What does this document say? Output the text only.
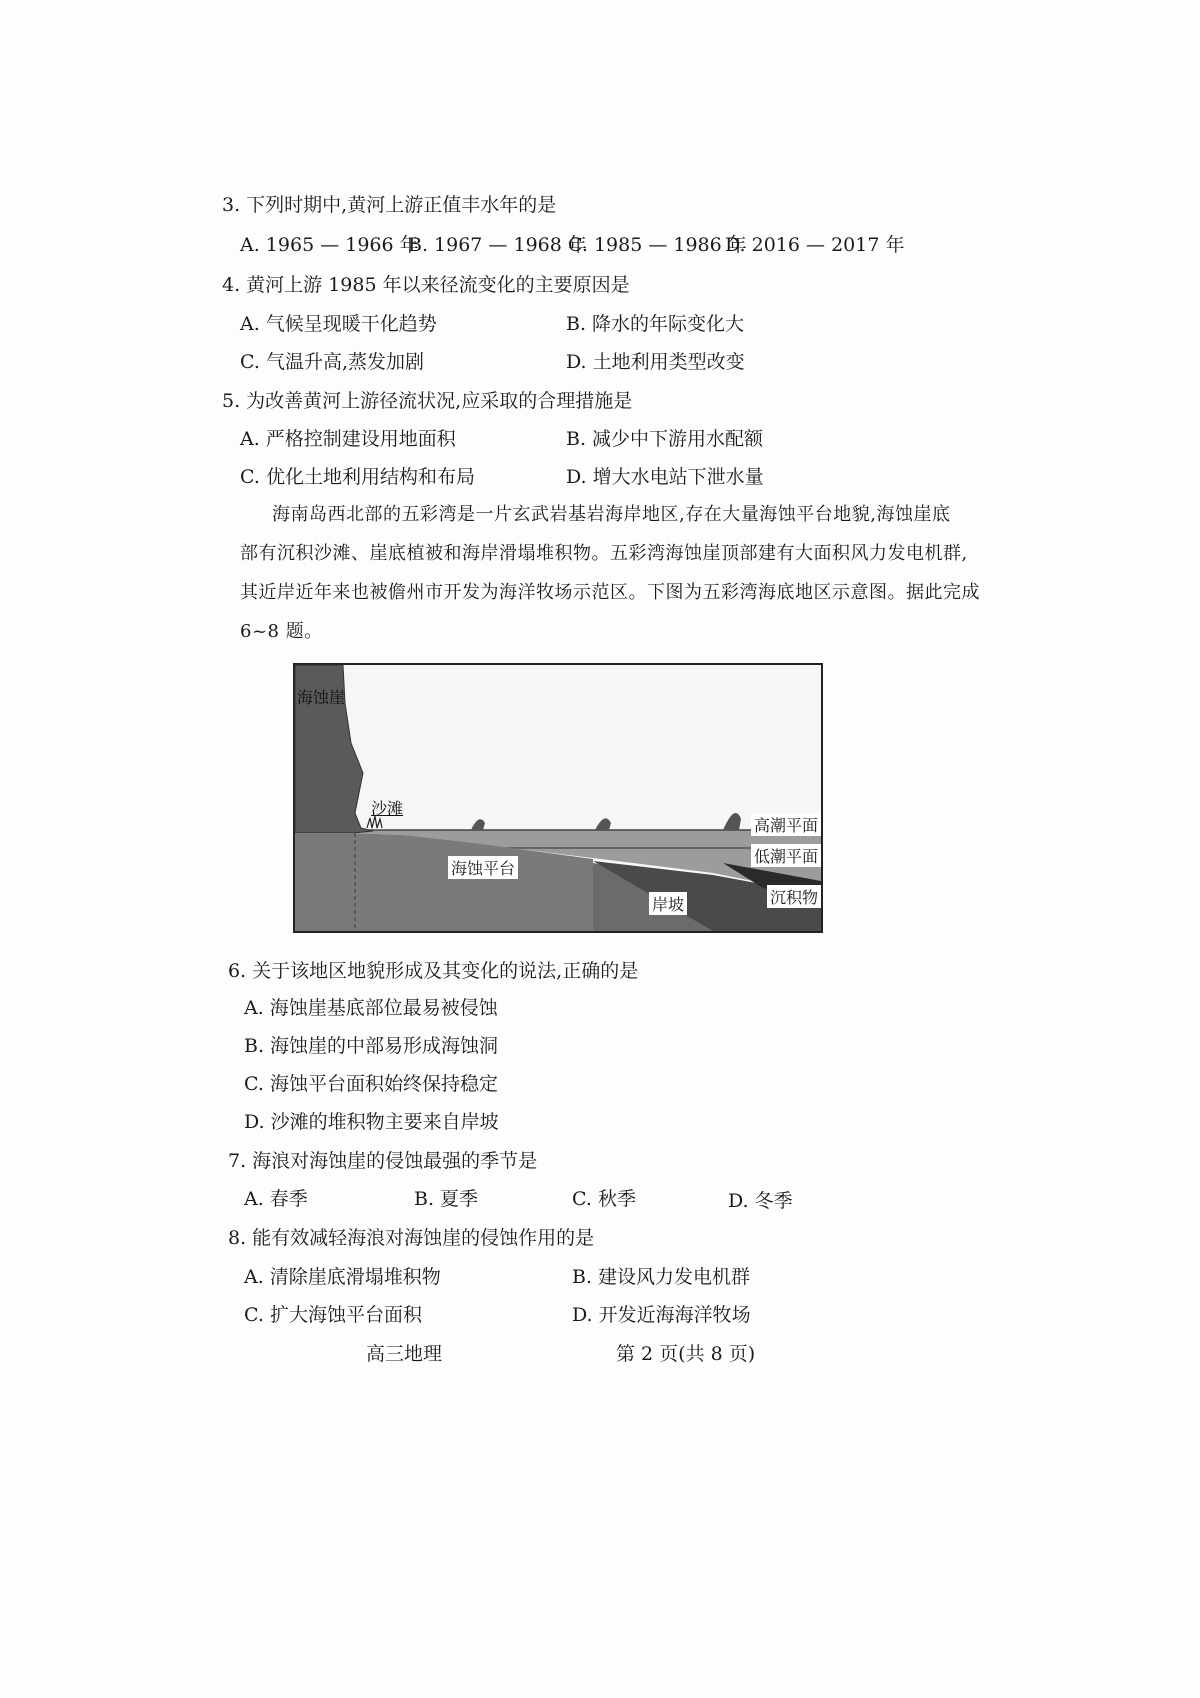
3. 下列时期中,黄河上游正值丰水年的是
A. 1965 — 1966 年
B. 1967 — 1968 年
C. 1985 — 1986 年
D. 2016 — 2017 年
4. 黄河上游 1985 年以来径流变化的主要原因是
A. 气候呈现暖干化趋势	B. 降水的年际变化大
C. 气温升高,蒸发加剧	D. 土地利用类型改变
5. 为改善黄河上游径流状况,应采取的合理措施是
A. 严格控制建设用地面积	B. 减少中下游用水配额
C. 优化土地利用结构和布局	D. 增大水电站下泄水量
海南岛西北部的五彩湾是一片玄武岩基岩海岸地区,存在大量海蚀平台地貌,海蚀崖底
部有沉积沙滩、崖底植被和海岸滑塌堆积物。五彩湾海蚀崖顶部建有大面积风力发电机群,
其近岸近年来也被儋州市开发为海洋牧场示范区。下图为五彩湾海底地区示意图。据此完成
6~8 题。
海蚀崖
沙滩
高潮平面
低潮平面
海蚀平台
沉积物
岸坡
6. 关于该地区地貌形成及其变化的说法,正确的是
A. 海蚀崖基底部位最易被侵蚀
B. 海蚀崖的中部易形成海蚀洞
C. 海蚀平台面积始终保持稳定
D. 沙滩的堆积物主要来自岸坡
7. 海浪对海蚀崖的侵蚀最强的季节是
A. 春季	B. 夏季	C. 秋季	D. 冬季
8. 能有效减轻海浪对海蚀崖的侵蚀作用的是
A. 清除崖底滑塌堆积物	B. 建设风力发电机群
C. 扩大海蚀平台面积	D. 开发近海海洋牧场
高三地理	第 2 页(共 8 页)
